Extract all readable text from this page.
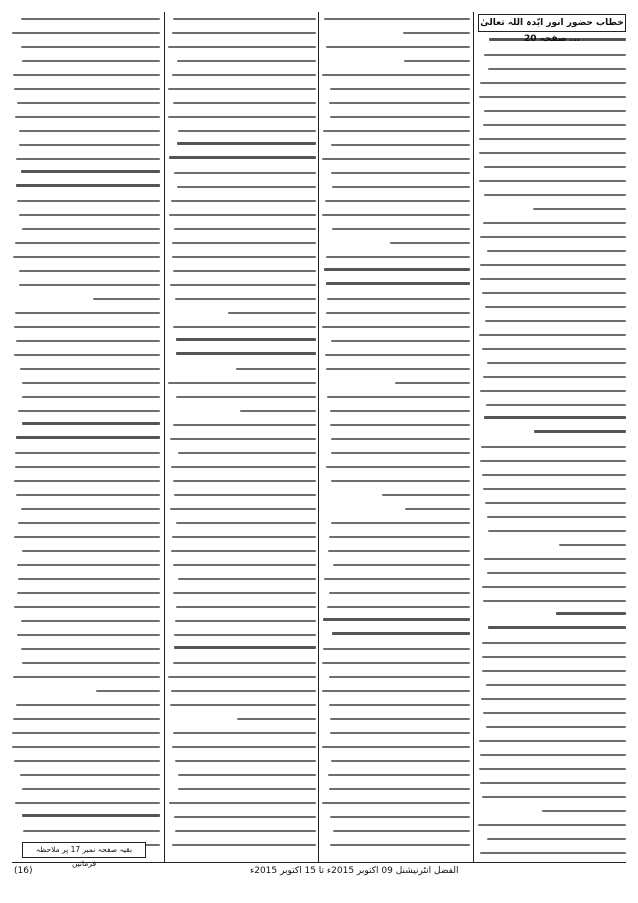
خطاب حضور انور ایّدہ اللہ تعالیٰ ... صفحہ 20
بقیہ صفحہ نمبر 17 پر ملاحظہ فرمائیں
(16)	الفضل انٹرنیشنل 09 اکتوبر 2015ء تا 15 اکتوبر 2015ء
